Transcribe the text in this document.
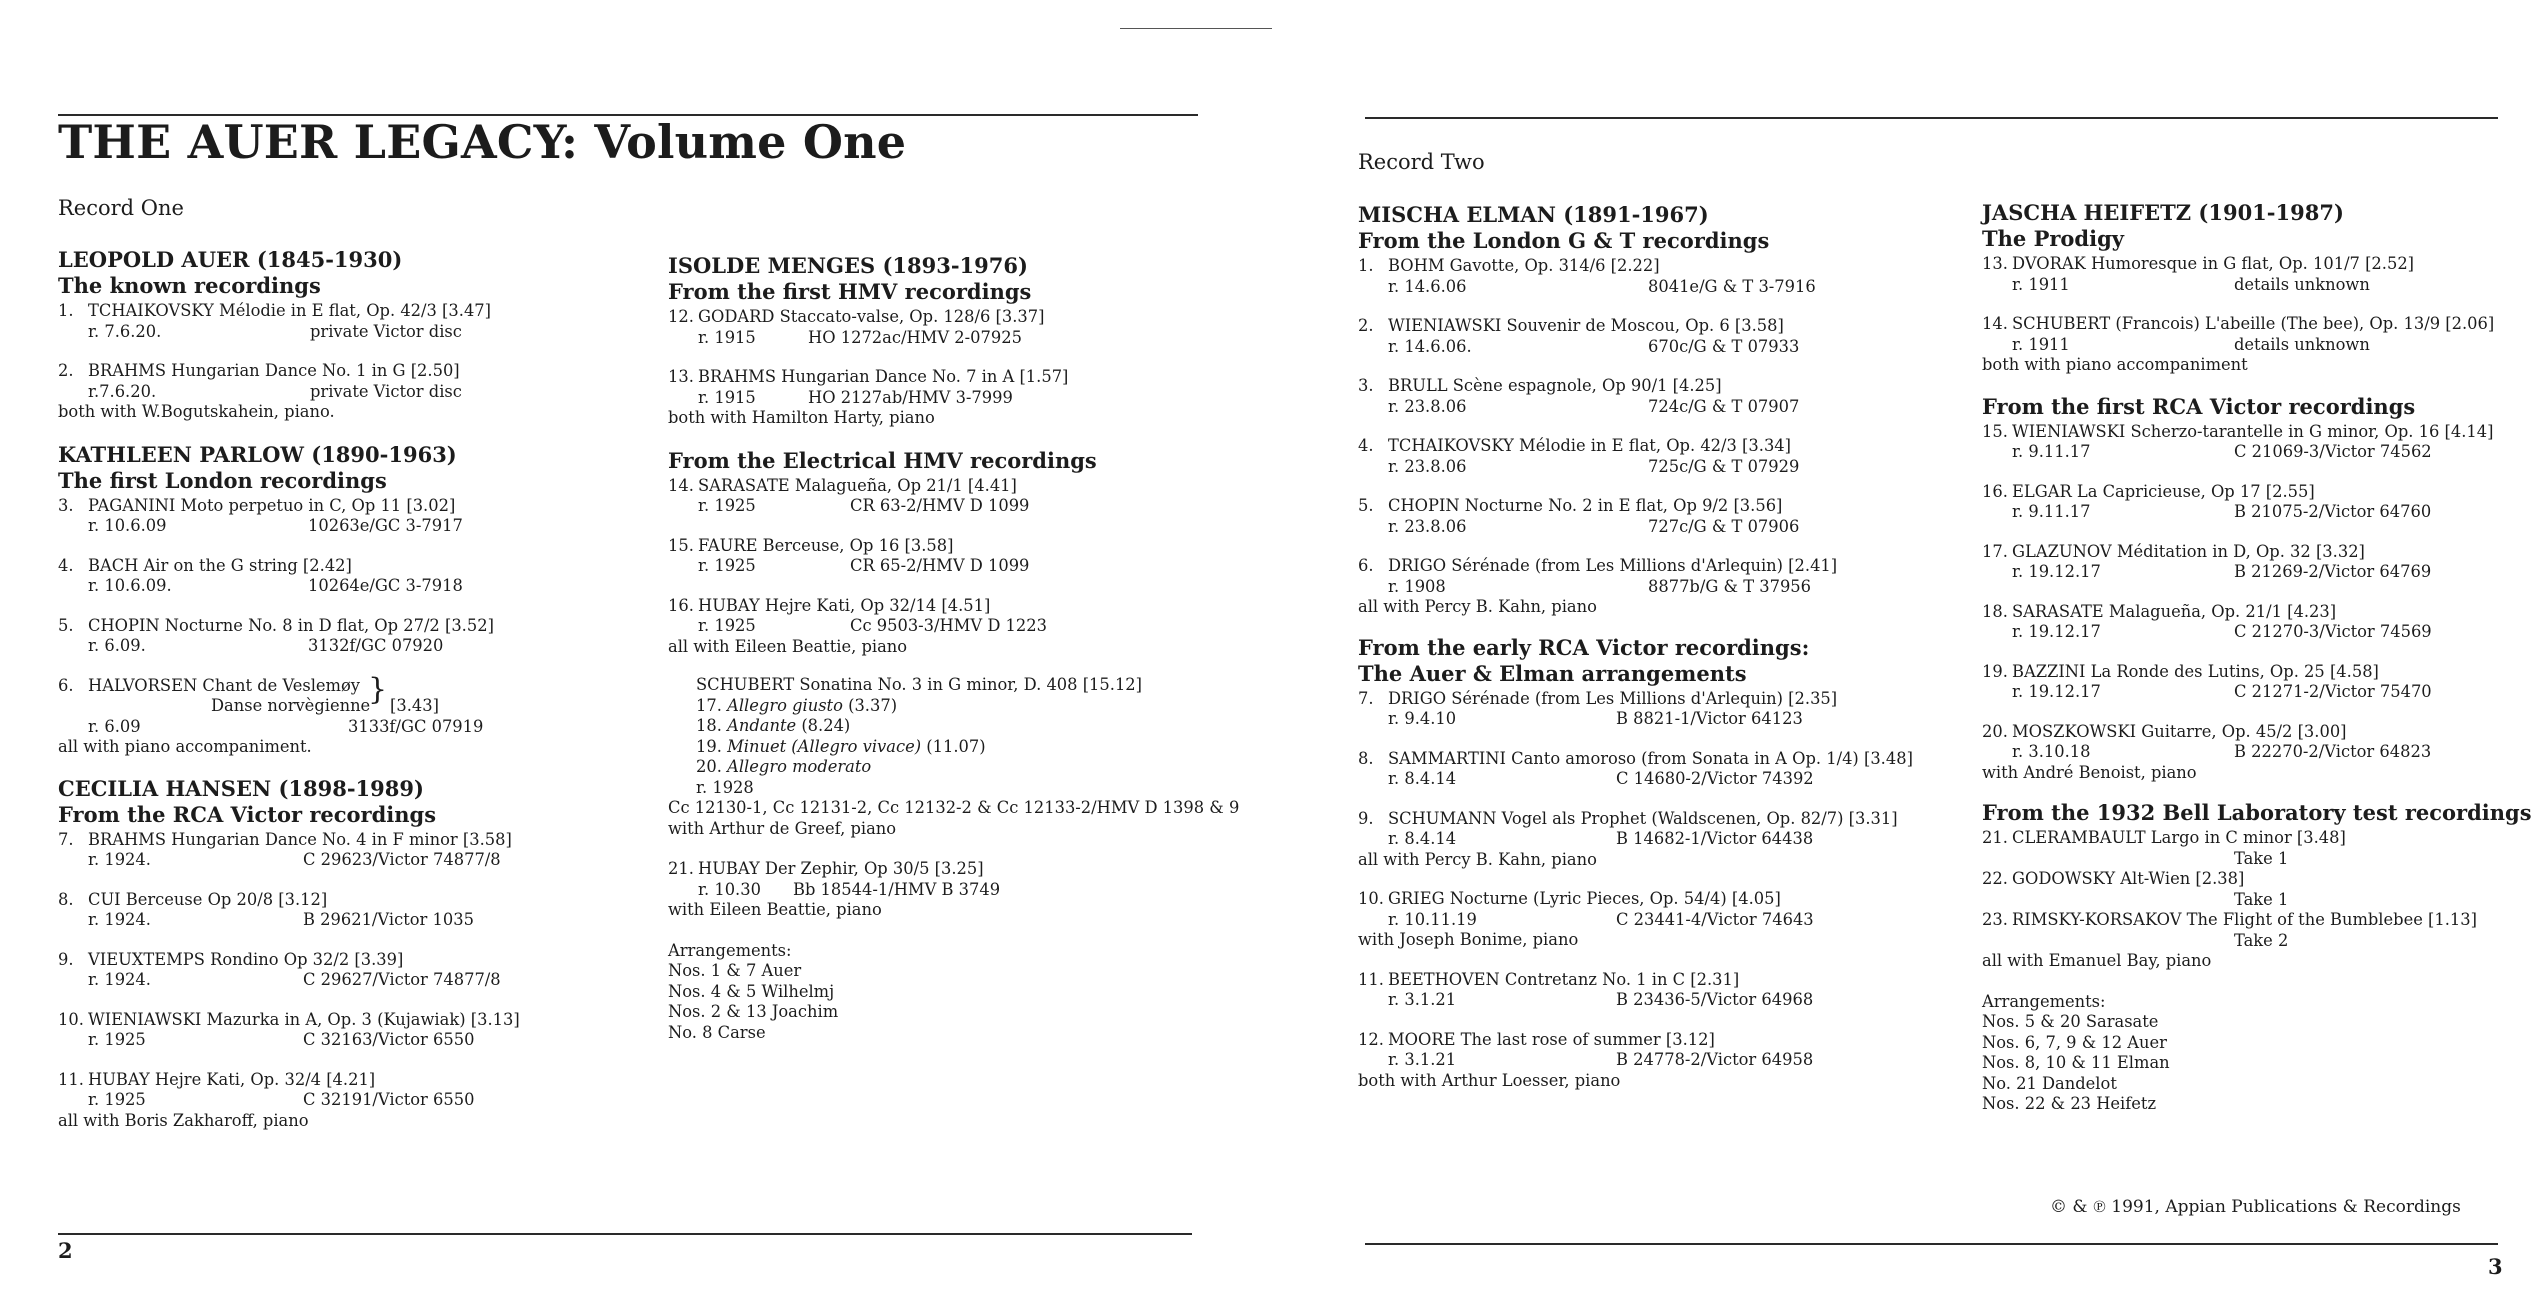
THE AUER LEGACY: Volume One
Record One
Record Two
2
3
© & ℗ 1991, Appian Publications & Recordings
LEOPOLD AUER (1845-1930)
The known recordings
1. TCHAIKOVSKY Mélodie in E flat, Op. 42/3 [3.47]
r. 7.6.20.	private Victor disc
2. BRAHMS Hungarian Dance No. 1 in G [2.50]
r.7.6.20.	private Victor disc
both with W.Bogutskahein, piano.
KATHLEEN PARLOW (1890-1963)
The first London recordings
3. PAGANINI Moto perpetuo in C, Op 11 [3.02]
r. 10.6.09	10263e/GC 3-7917
4. BACH Air on the G string [2.42]
r. 10.6.09.	10264e/GC 3-7918
5. CHOPIN Nocturne No. 8 in D flat, Op 27/2 [3.52]
r. 6.09.	3132f/GC 07920
6. HALVORSEN Chant de Veslemøy }
Danse norvègienne [3.43]
r. 6.09	3133f/GC 07919
all with piano accompaniment.
CECILIA HANSEN (1898-1989)
From the RCA Victor recordings
7. BRAHMS Hungarian Dance No. 4 in F minor [3.58]
r. 1924.	C 29623/Victor 74877/8
8. CUI Berceuse Op 20/8 [3.12]
r. 1924.	B 29621/Victor 1035
9. VIEUXTEMPS Rondino Op 32/2 [3.39]
r. 1924.	C 29627/Victor 74877/8
10. WIENIAWSKI Mazurka in A, Op. 3 (Kujawiak) [3.13]
r. 1925	C 32163/Victor 6550
11. HUBAY Hejre Kati, Op. 32/4 [4.21]
r. 1925	C 32191/Victor 6550
all with Boris Zakharoff, piano
ISOLDE MENGES (1893-1976)
From the first HMV recordings
12. GODARD Staccato-valse, Op. 128/6 [3.37]
r. 1915	HO 1272ac/HMV 2-07925
13. BRAHMS Hungarian Dance No. 7 in A [1.57]
r. 1915	HO 2127ab/HMV 3-7999
both with Hamilton Harty, piano
From the Electrical HMV recordings
14. SARASATE Malagueña, Op 21/1 [4.41]
r. 1925	CR 63-2/HMV D 1099
15. FAURE Berceuse, Op 16 [3.58]
r. 1925	CR 65-2/HMV D 1099
16. HUBAY Hejre Kati, Op 32/14 [4.51]
r. 1925	Cc 9503-3/HMV D 1223
all with Eileen Beattie, piano
SCHUBERT Sonatina No. 3 in G minor, D. 408 [15.12]
17. Allegro giusto (3.37)
18. Andante (8.24)
19. Minuet (Allegro vivace) (11.07)
20. Allegro moderato
r. 1928
Cc 12130-1, Cc 12131-2, Cc 12132-2 & Cc 12133-2/HMV D 1398 & 9
with Arthur de Greef, piano
21. HUBAY Der Zephir, Op 30/5 [3.25]
r. 10.30 Bb 18544-1/HMV B 3749
with Eileen Beattie, piano
Arrangements:
Nos. 1 & 7 Auer
Nos. 4 & 5 Wilhelmj
Nos. 2 & 13 Joachim
No. 8 Carse
MISCHA ELMAN (1891-1967)
From the London G & T recordings
1. BOHM Gavotte, Op. 314/6 [2.22]
r. 14.6.06	8041e/G & T 3-7916
2. WIENIAWSKI Souvenir de Moscou, Op. 6 [3.58]
r. 14.6.06.	670c/G & T 07933
3. BRULL Scène espagnole, Op 90/1 [4.25]
r. 23.8.06	724c/G & T 07907
4. TCHAIKOVSKY Mélodie in E flat, Op. 42/3 [3.34]
r. 23.8.06	725c/G & T 07929
5. CHOPIN Nocturne No. 2 in E flat, Op 9/2 [3.56]
r. 23.8.06	727c/G & T 07906
6. DRIGO Sérénade (from Les Millions d'Arlequin) [2.41]
r. 1908	8877b/G & T 37956
all with Percy B. Kahn, piano
From the early RCA Victor recordings:
The Auer & Elman arrangements
7. DRIGO Sérénade (from Les Millions d'Arlequin) [2.35]
r. 9.4.10	B 8821-1/Victor 64123
8. SAMMARTINI Canto amoroso (from Sonata in A Op. 1/4) [3.48]
r. 8.4.14	C 14680-2/Victor 74392
9. SCHUMANN Vogel als Prophet (Waldscenen, Op. 82/7) [3.31]
r. 8.4.14	B 14682-1/Victor 64438
all with Percy B. Kahn, piano
10. GRIEG Nocturne (Lyric Pieces, Op. 54/4) [4.05]
r. 10.11.19	C 23441-4/Victor 74643
with Joseph Bonime, piano
11. BEETHOVEN Contretanz No. 1 in C [2.31]
r. 3.1.21	B 23436-5/Victor 64968
12. MOORE The last rose of summer [3.12]
r. 3.1.21	B 24778-2/Victor 64958
both with Arthur Loesser, piano
JASCHA HEIFETZ (1901-1987)
The Prodigy
13. DVORAK Humoresque in G flat, Op. 101/7 [2.52]
r. 1911	details unknown
14. SCHUBERT (Francois) L'abeille (The bee), Op. 13/9 [2.06]
r. 1911	details unknown
both with piano accompaniment
From the first RCA Victor recordings
15. WIENIAWSKI Scherzo-tarantelle in G minor, Op. 16 [4.14]
r. 9.11.17	C 21069-3/Victor 74562
16. ELGAR La Capricieuse, Op 17 [2.55]
r. 9.11.17	B 21075-2/Victor 64760
17. GLAZUNOV Méditation in D, Op. 32 [3.32]
r. 19.12.17	B 21269-2/Victor 64769
18. SARASATE Malagueña, Op. 21/1 [4.23]
r. 19.12.17	C 21270-3/Victor 74569
19. BAZZINI La Ronde des Lutins, Op. 25 [4.58]
r. 19.12.17	C 21271-2/Victor 75470
20. MOSZKOWSKI Guitarre, Op. 45/2 [3.00]
r. 3.10.18	B 22270-2/Victor 64823
with André Benoist, piano
From the 1932 Bell Laboratory test recordings
21. CLERAMBAULT Largo in C minor [3.48]
Take 1
22. GODOWSKY Alt-Wien [2.38]
Take 1
23. RIMSKY-KORSAKOV The Flight of the Bumblebee [1.13]
Take 2
all with Emanuel Bay, piano
Arrangements:
Nos. 5 & 20 Sarasate
Nos. 6, 7, 9 & 12 Auer
Nos. 8, 10 & 11 Elman
No. 21 Dandelot
Nos. 22 & 23 Heifetz
